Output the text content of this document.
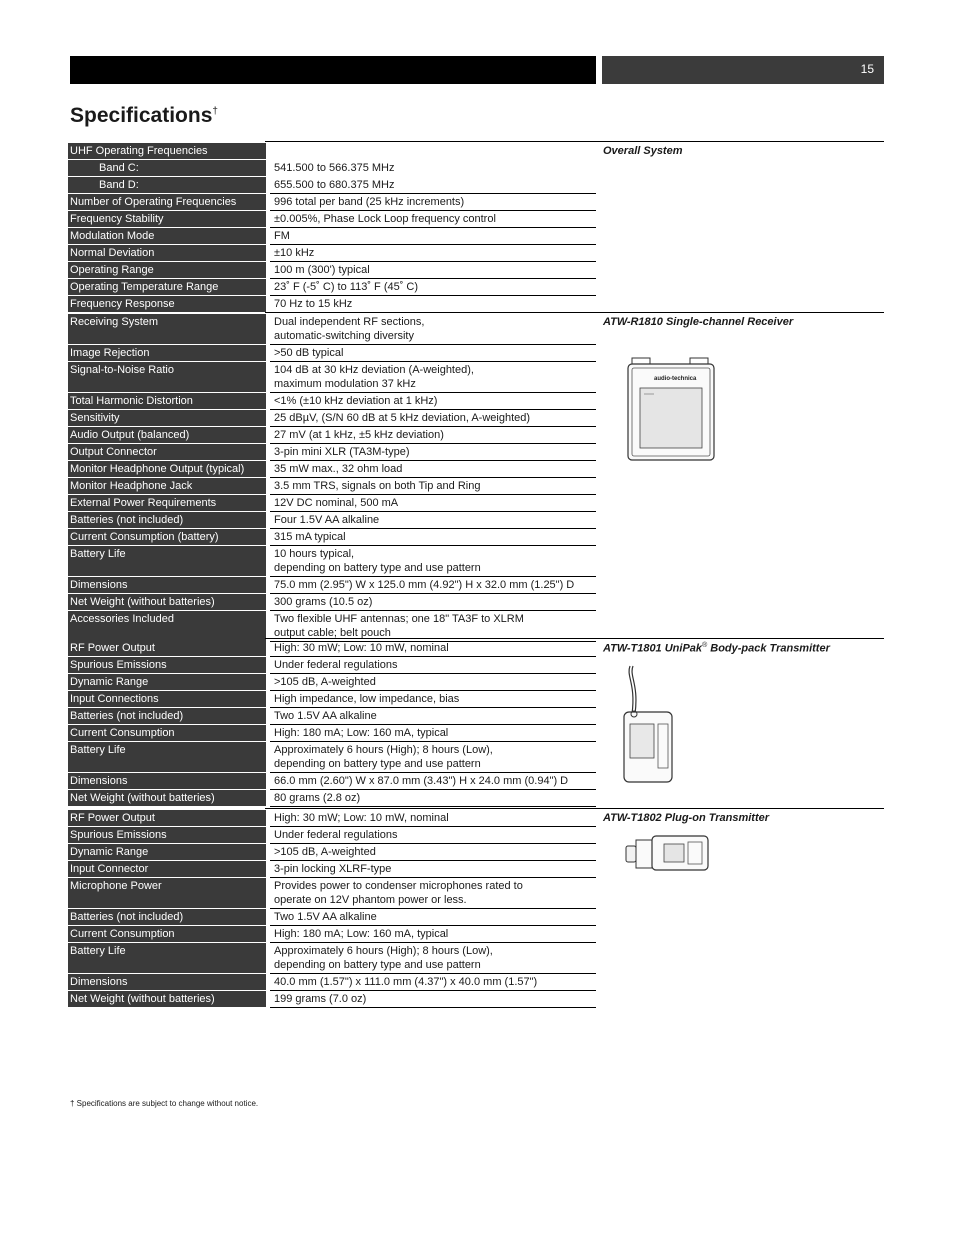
15
Specifications†
UHF Operating Frequencies		

Band C:		541.500 to 566.375 MHz

Band D:		655.500 to 680.375 MHz

Number of Operating Frequencies		996 total per band (25 kHz increments)

Frequency Stability		±0.005%, Phase Lock Loop frequency control

Modulation Mode		FM

Normal Deviation		±10 kHz

Operating Range		100 m (300') typical

Operating Temperature Range		23˚ F (-5˚ C) to 113˚ F (45˚ C)

Frequency Response		70 Hz to 15 kHz

Overall System
Receiving System		Dual independent RF sections,
automatic-switching diversity

Image Rejection		>50 dB typical

Signal-to-Noise Ratio		104 dB at 30 kHz deviation (A-weighted),
maximum modulation 37 kHz

Total Harmonic Distortion		<1% (±10 kHz deviation at 1 kHz)

Sensitivity		25 dBµV, (S/N 60 dB at 5 kHz deviation, A-weighted)

Audio Output (balanced)		27 mV (at 1 kHz, ±5 kHz deviation)

Output Connector		3-pin mini XLR (TA3M-type)

Monitor Headphone Output (typical)		35 mW max., 32 ohm load

Monitor Headphone Jack		3.5 mm TRS, signals on both Tip and Ring

External Power Requirements		12V DC nominal, 500 mA

Batteries (not included)		Four 1.5V AA alkaline

Current Consumption (battery)		315 mA typical

Battery Life		10 hours typical,
depending on battery type and use pattern

Dimensions		75.0 mm (2.95") W x 125.0 mm (4.92") H x 32.0 mm (1.25") D

Net Weight (without batteries)		300 grams (10.5 oz)

Accessories Included		Two flexible UHF antennas; one 18" TA3F to XLRM
output cable; belt pouch

ATW-R1810 Single-channel Receiver
audio-technica
RF Power Output		High: 30 mW; Low: 10 mW, nominal

Spurious Emissions		Under federal regulations

Dynamic Range		>105 dB, A-weighted

Input Connections		High impedance, low impedance, bias

Batteries (not included)		Two 1.5V AA alkaline

Current Consumption		High: 180 mA; Low: 160 mA, typical

Battery Life		Approximately 6 hours (High); 8 hours (Low),
depending on battery type and use pattern

Dimensions		66.0 mm (2.60") W x 87.0 mm (3.43") H x 24.0 mm (0.94") D

Net Weight (without batteries)		80 grams (2.8 oz)

ATW-T1801 UniPak® Body-pack Transmitter
RF Power Output		High: 30 mW; Low: 10 mW, nominal

Spurious Emissions		Under federal regulations

Dynamic Range		>105 dB, A-weighted

Input Connector		3-pin locking XLRF-type

Microphone Power		Provides power to condenser microphones rated to
operate on 12V phantom power or less.

Batteries (not included)		Two 1.5V AA alkaline

Current Consumption		High: 180 mA; Low: 160 mA, typical

Battery Life		Approximately 6 hours (High); 8 hours (Low),
depending on battery type and use pattern

Dimensions		40.0 mm (1.57") x 111.0 mm (4.37") x 40.0 mm (1.57")

Net Weight (without batteries)		199 grams (7.0 oz)

ATW-T1802 Plug-on Transmitter
† Specifications are subject to change without notice.
